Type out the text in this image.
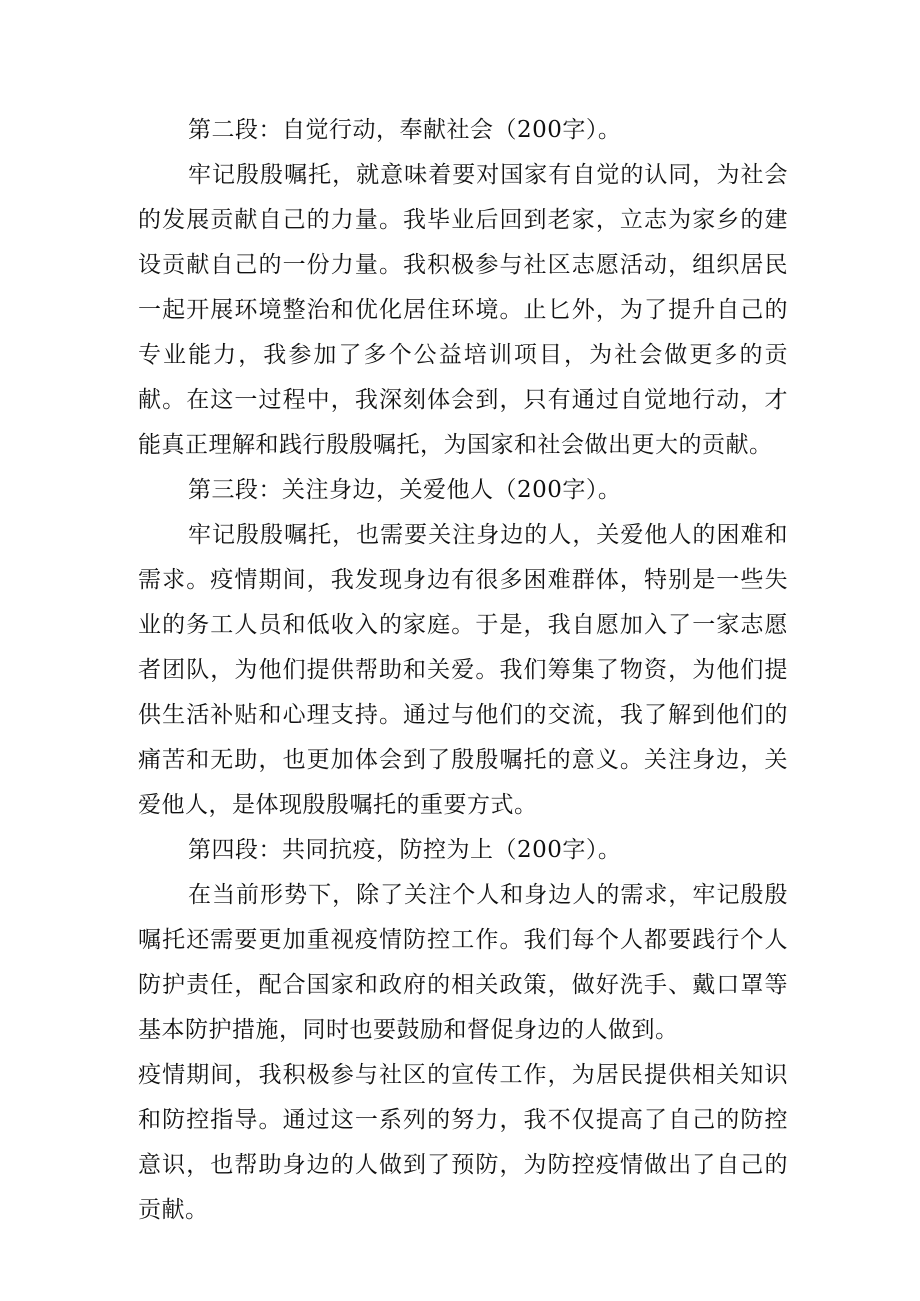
第二段：自觉行动，奉献社会（200字）。

牢记殷殷嘱托，就意味着要对国家有自觉的认同，为社会的发展贡献自己的力量。我毕业后回到老家，立志为家乡的建设贡献自己的一份力量。我积极参与社区志愿活动，组织居民一起开展环境整治和优化居住环境。止匕外，为了提升自己的专业能力，我参加了多个公益培训项目，为社会做更多的贡献。在这一过程中，我深刻体会到，只有通过自觉地行动，才能真正理解和践行殷殷嘱托，为国家和社会做出更大的贡献。

第三段：关注身边，关爱他人（200字）。

牢记殷殷嘱托，也需要关注身边的人，关爱他人的困难和需求。疫情期间，我发现身边有很多困难群体，特别是一些失业的务工人员和低收入的家庭。于是，我自愿加入了一家志愿者团队，为他们提供帮助和关爱。我们筹集了物资，为他们提供生活补贴和心理支持。通过与他们的交流，我了解到他们的痛苦和无助，也更加体会到了殷殷嘱托的意义。关注身边，关爱他人，是体现殷殷嘱托的重要方式。

第四段：共同抗疫，防控为上（200字）。

在当前形势下，除了关注个人和身边人的需求，牢记殷殷嘱托还需要更加重视疫情防控工作。我们每个人都要践行个人防护责任，配合国家和政府的相关政策，做好洗手、戴口罩等基本防护措施，同时也要鼓励和督促身边的人做到。

疫情期间，我积极参与社区的宣传工作，为居民提供相关知识和防控指导。通过这一系列的努力，我不仅提高了自己的防控意识，也帮助身边的人做到了预防，为防控疫情做出了自己的贡献。
